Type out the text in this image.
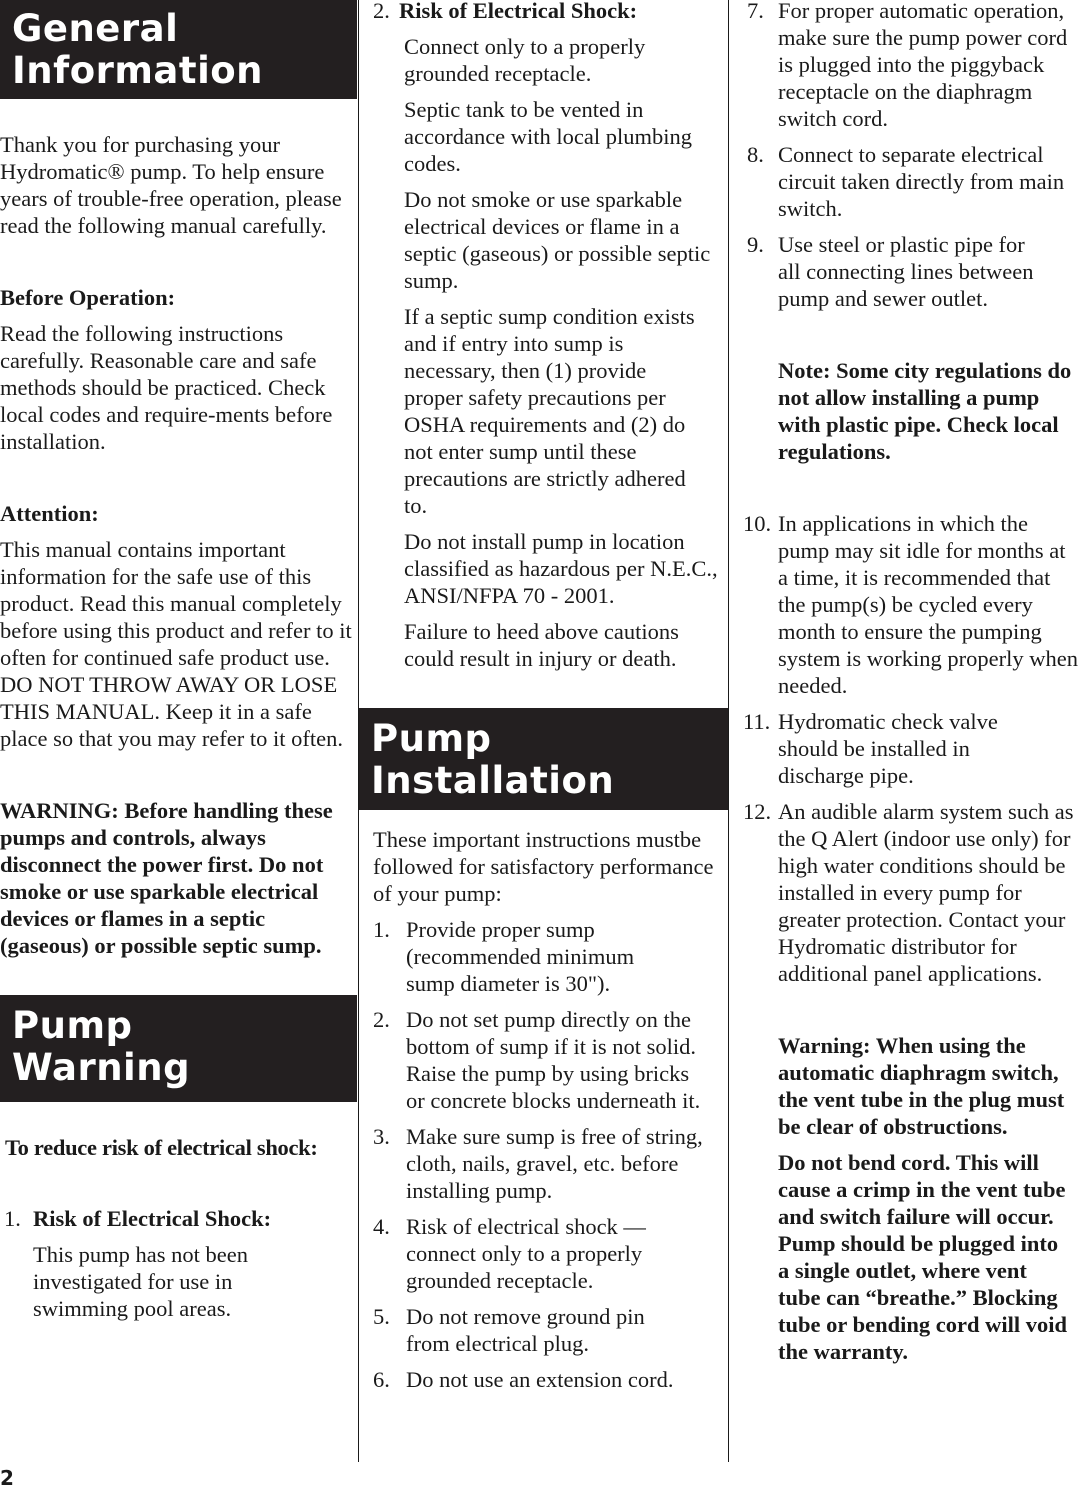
General
Information

Thank you for purchasing your Hydromatic® pump. To help ensure years of trouble-free operation, please read the following manual carefully.

Before Operation:

Read the following instructions carefully. Reasonable care and safe methods should be practiced. Check local codes and require-ments before installation.

Attention:

This manual contains important information for the safe use of this product. Read this manual completely before using this product and refer to it often for continued safe product use.

DO NOT THROW AWAY OR LOSE THIS MANUAL. Keep it in a safe place so that you may refer to it often.

WARNING: Before handling these pumps and controls, always disconnect the power first. Do not smoke or use sparkable electrical devices or flames in a septic (gaseous) or possible septic sump.

Pump
Warning

To reduce risk of electrical shock:

1. Risk of Electrical Shock:

This pump has not been investigated for use in swimming pool areas.

2. Risk of Electrical Shock:

Connect only to a properly grounded receptacle.

Septic tank to be vented in accordance with local plumbing codes.

Do not smoke or use sparkable electrical devices or flame in a septic (gaseous) or possible septic sump.

If a septic sump condition exists and if entry into sump is necessary, then (1) provide proper safety precautions per OSHA requirements and (2) do not enter sump until these precautions are strictly adhered to.

Do not install pump in location classified as hazardous per N.E.C., ANSI/NFPA 70 - 2001.

Failure to heed above cautions could result in injury or death.

Pump
Installation

These important instructions mustbe followed for satisfactory performance of your pump:

1. Provide proper sump (recommended minimum sump diameter is 30").
2. Do not set pump directly on the bottom of sump if it is not solid. Raise the pump by using bricks or concrete blocks underneath it.
3. Make sure sump is free of string, cloth, nails, gravel, etc. before installing pump.
4. Risk of electrical shock — connect only to a properly grounded receptacle.
5. Do not remove ground pin from electrical plug.
6. Do not use an extension cord.
7. For proper automatic operation, make sure the pump power cord is plugged into the piggyback receptacle on the diaphragm switch cord.
8. Connect to separate electrical circuit taken directly from main switch.
9. Use steel or plastic pipe for all connecting lines between pump and sewer outlet.

Note: Some city regulations do not allow installing a pump with plastic pipe. Check local regulations.

10. In applications in which the pump may sit idle for months at a time, it is recommended that the pump(s) be cycled every month to ensure the pumping system is working properly when needed.
11. Hydromatic check valve should be installed in discharge pipe.
12. An audible alarm system such as the Q Alert (indoor use only) for high water conditions should be installed in every pump for greater protection. Contact your Hydromatic distributor for additional panel applications.

Warning: When using the automatic diaphragm switch, the vent tube in the plug must be clear of obstructions.

Do not bend cord. This will cause a crimp in the vent tube and switch failure will occur. Pump should be plugged into a single outlet, where vent tube can “breathe.” Blocking tube or bending cord will void the warranty.

2
